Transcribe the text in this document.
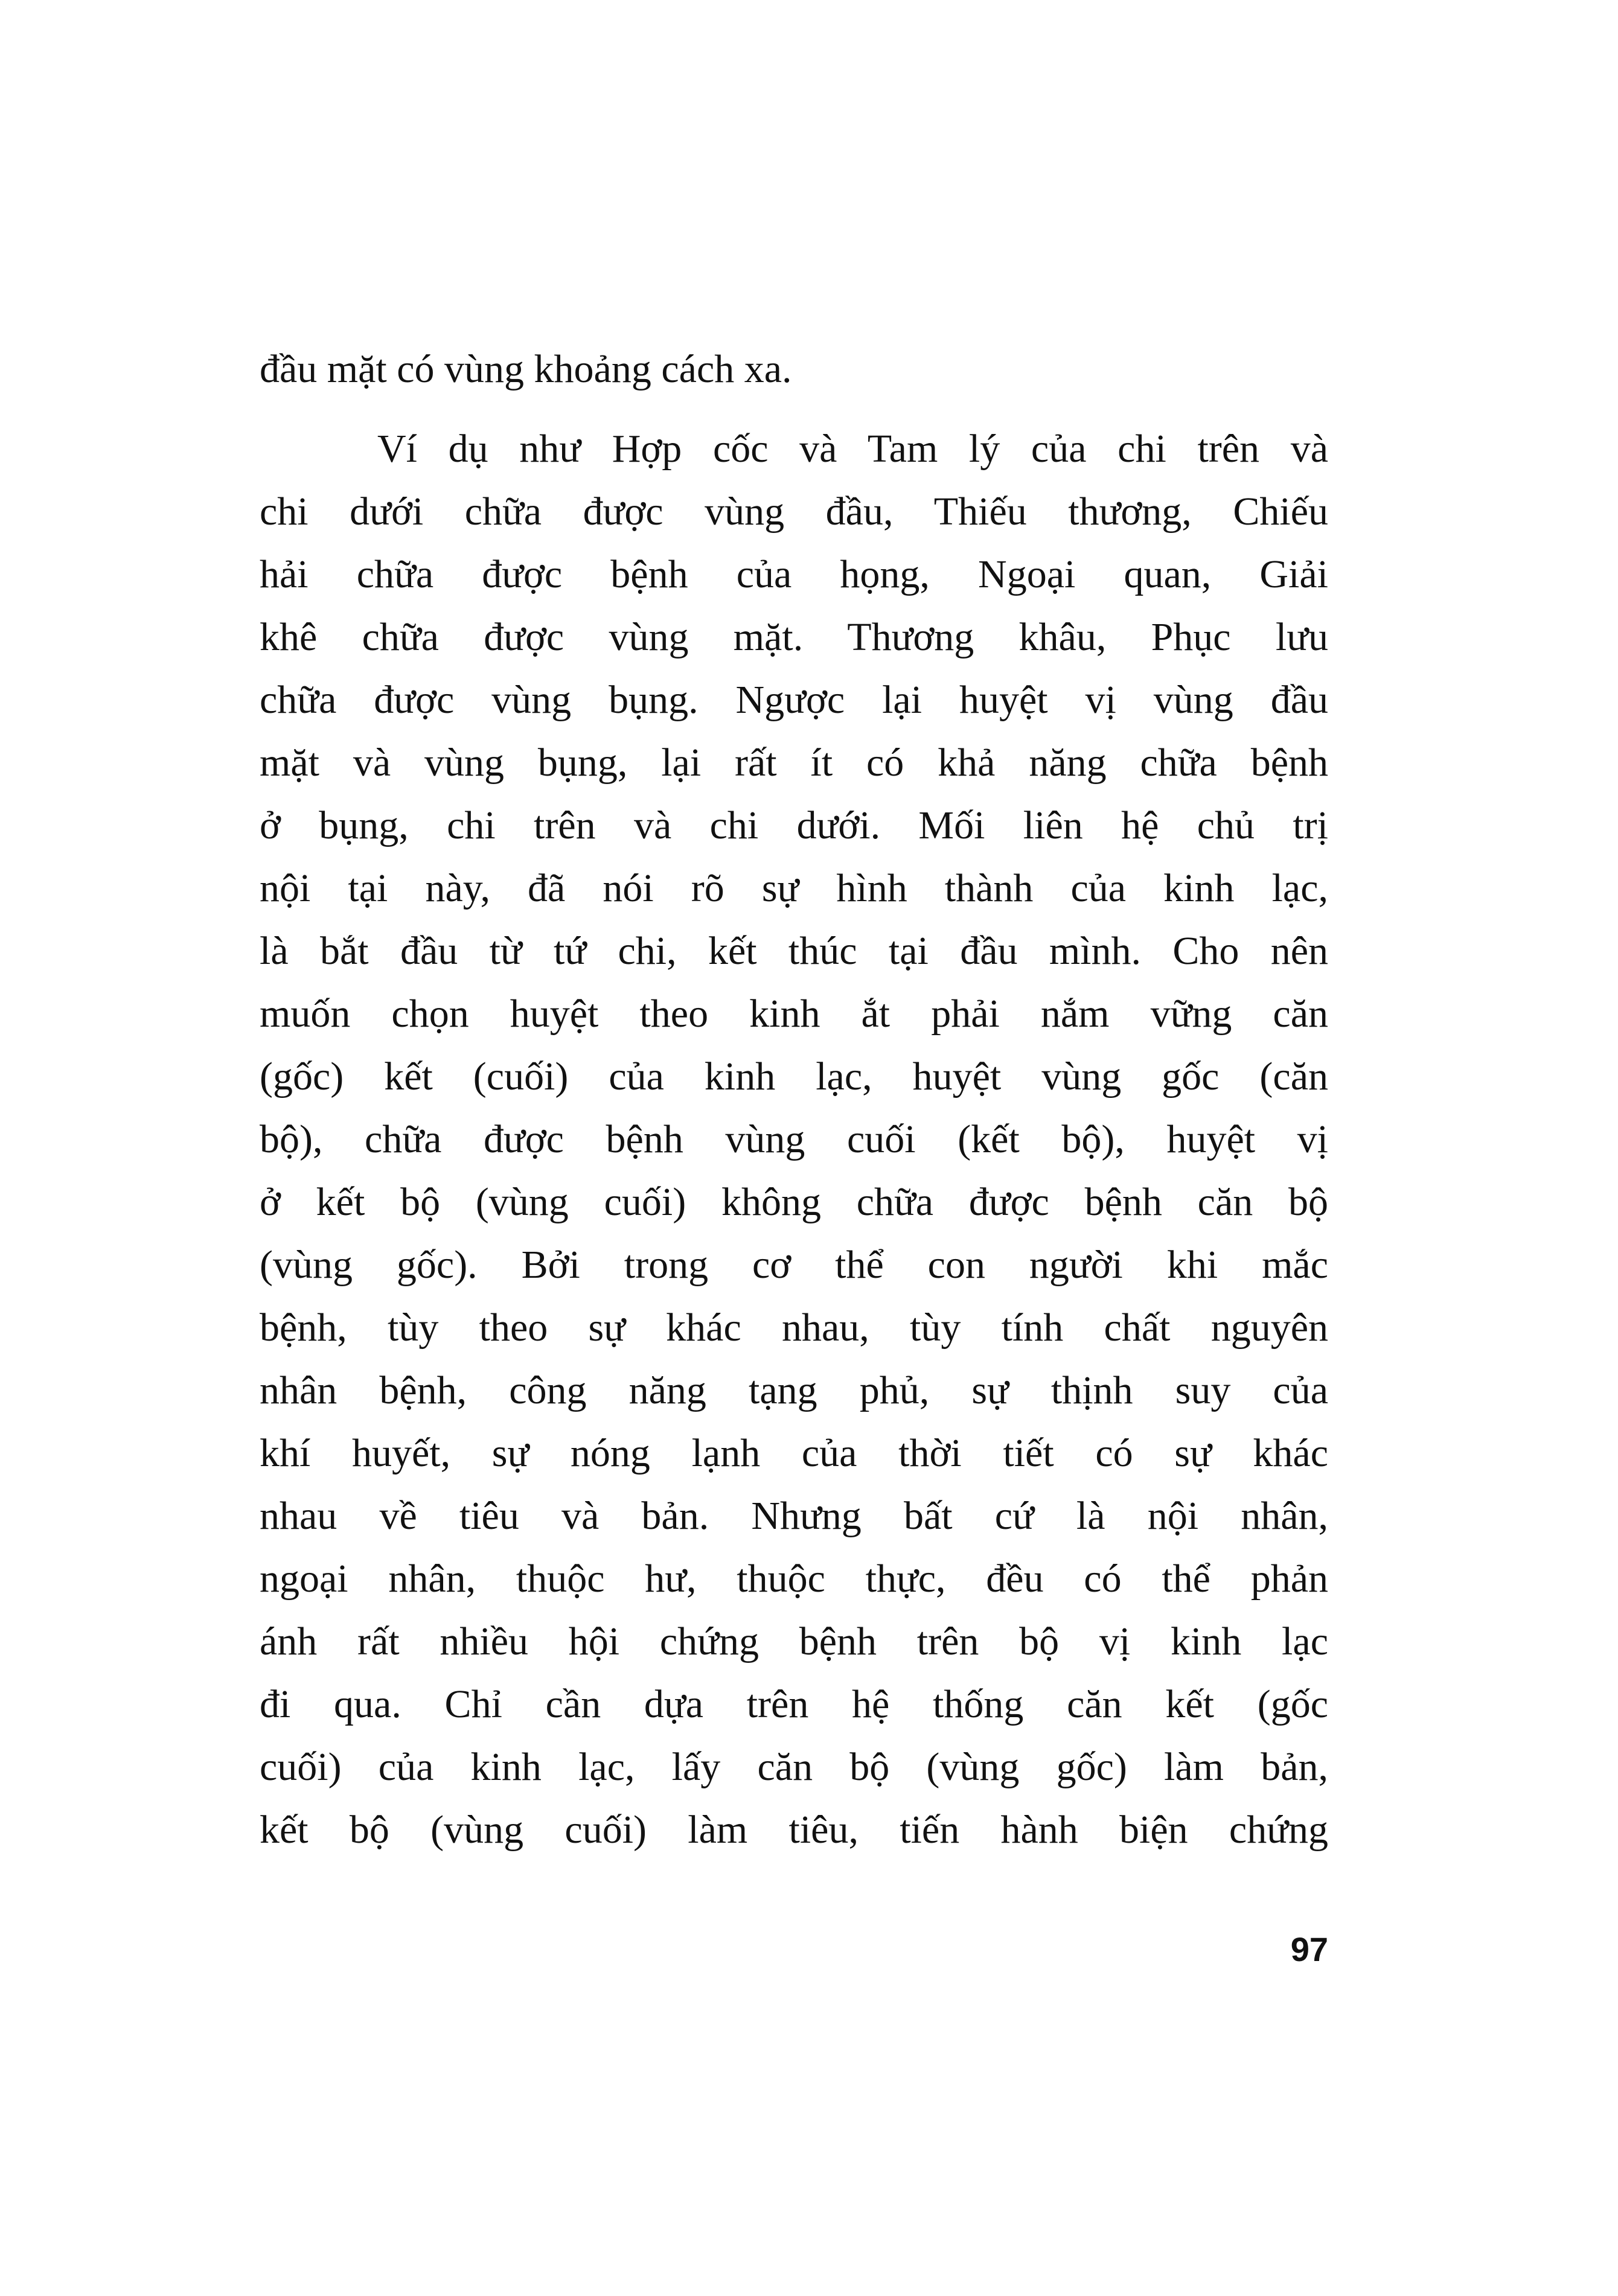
đầu mặt có vùng khoảng cách xa.
Ví dụ như Hợp cốc và Tam lý của chi trên và
chi dưới chữa được vùng đầu, Thiếu thương, Chiếu
hải chữa được bệnh của họng, Ngoại quan, Giải
khê chữa được vùng mặt. Thương khâu, Phục lưu
chữa được vùng bụng. Ngược lại huyệt vị vùng đầu
mặt và vùng bụng, lại rất ít có khả năng chữa bệnh
ở bụng, chi trên và chi dưới. Mối liên hệ chủ trị
nội tại này, đã nói rõ sự hình thành của kinh lạc,
là bắt đầu từ tứ chi, kết thúc tại đầu mình. Cho nên
muốn chọn huyệt theo kinh ắt phải nắm vững căn
(gốc) kết (cuối) của kinh lạc, huyệt vùng gốc (căn
bộ), chữa được bệnh vùng cuối (kết bộ), huyệt vị
ở kết bộ (vùng cuối) không chữa được bệnh căn bộ
(vùng gốc). Bởi trong cơ thể con người khi mắc
bệnh, tùy theo sự khác nhau, tùy tính chất nguyên
nhân bệnh, công năng tạng phủ, sự thịnh suy của
khí huyết, sự nóng lạnh của thời tiết có sự khác
nhau về tiêu và bản. Nhưng bất cứ là nội nhân,
ngoại nhân, thuộc hư, thuộc thực, đều có thể phản
ánh rất nhiều hội chứng bệnh trên bộ vị kinh lạc
đi qua. Chỉ cần dựa trên hệ thống căn kết (gốc
cuối) của kinh lạc, lấy căn bộ (vùng gốc) làm bản,
kết bộ (vùng cuối) làm tiêu, tiến hành biện chứng
97
